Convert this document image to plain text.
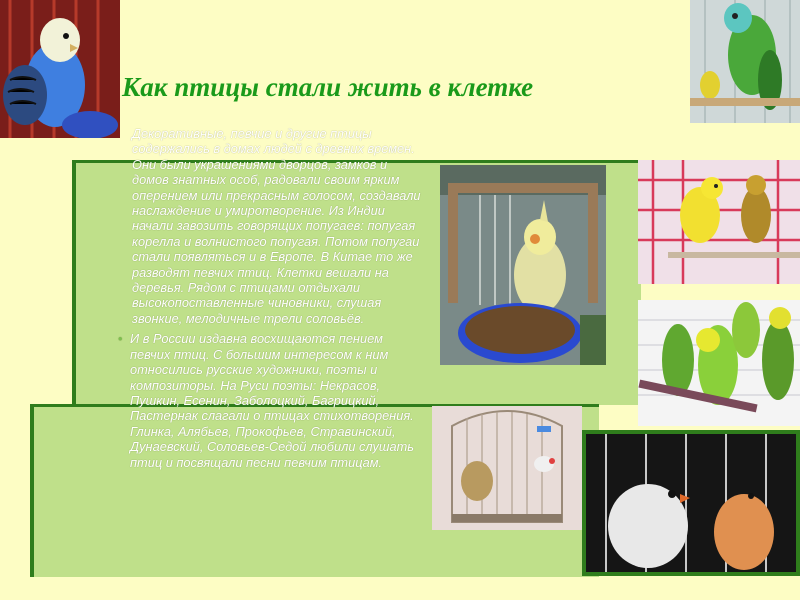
Как птицы стали жить в клетке

Декоративные, певчие и другие птицы содержались в домах людей с древних времен. Они были украшениями дворцов, замков и домов знатных особ, радовали своим ярким оперением или прекрасным голосом, создавали наслаждение и умиротворение. Из Индии начали завозить говорящих попугаев: попугая корелла и волнистого попугая. Потом попугаи стали появляться и в Европе. В Китае то же разводят певчих птиц. Клетки вешали на деревья. Рядом с птицами отдыхали высокопоставленные чиновники, слушая звонкие, мелодичные трели соловьёв.

• И в России издавна восхищаются пением певчих птиц. С большим интересом к ним относились русские художники, поэты и композиторы. На Руси поэты: Некрасов, Пушкин, Есенин, Заболоцкий, Багрицкий, Пастернак слагали о птицах стихотворения. Глинка, Алябьев, Прокофьев, Стравинский, Дунаевский, Соловьев-Седой любили слушать птиц и посвящали песни певчим птицам.
